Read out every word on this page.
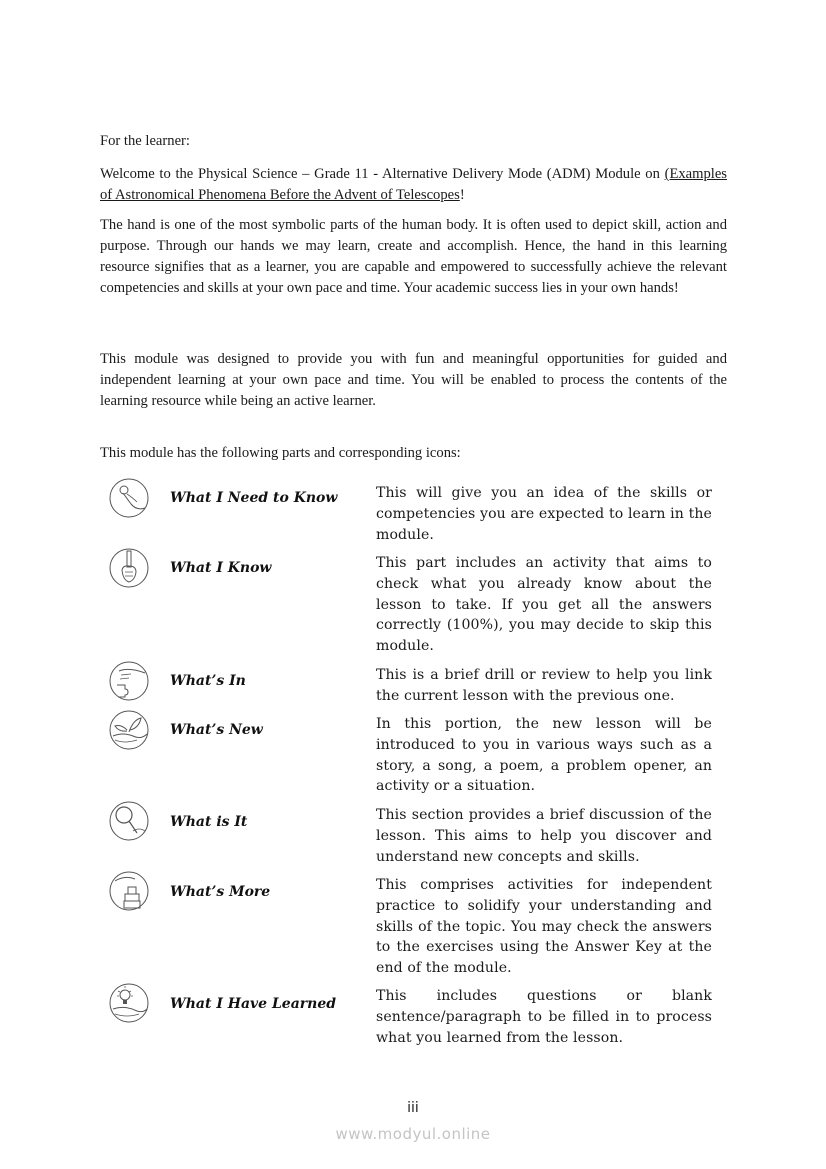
For the learner:
Welcome to the Physical Science – Grade 11 - Alternative Delivery Mode (ADM) Module on (Examples of Astronomical Phenomena Before the Advent of Telescopes!
The hand is one of the most symbolic parts of the human body. It is often used to depict skill, action and purpose. Through our hands we may learn, create and accomplish. Hence, the hand in this learning resource signifies that as a learner, you are capable and empowered to successfully achieve the relevant competencies and skills at your own pace and time. Your academic success lies in your own hands!
This module was designed to provide you with fun and meaningful opportunities for guided and independent learning at your own pace and time. You will be enabled to process the contents of the learning resource while being an active learner.
This module has the following parts and corresponding icons:
What I Need to Know	This will give you an idea of the skills or competencies you are expected to learn in the module.
What I Know	This part includes an activity that aims to check what you already know about the lesson to take. If you get all the answers correctly (100%), you may decide to skip this module.
What’s In	This is a brief drill or review to help you link the current lesson with the previous one.
What’s New	In this portion, the new lesson will be introduced to you in various ways such as a story, a song, a poem, a problem opener, an activity or a situation.
What is It	This section provides a brief discussion of the lesson. This aims to help you discover and understand new concepts and skills.
What’s More	This comprises activities for independent practice to solidify your understanding and skills of the topic. You may check the answers to the exercises using the Answer Key at the end of the module.
What I Have Learned	This includes questions or blank sentence/paragraph to be filled in to process what you learned from the lesson.
iii
www.modyul.online
